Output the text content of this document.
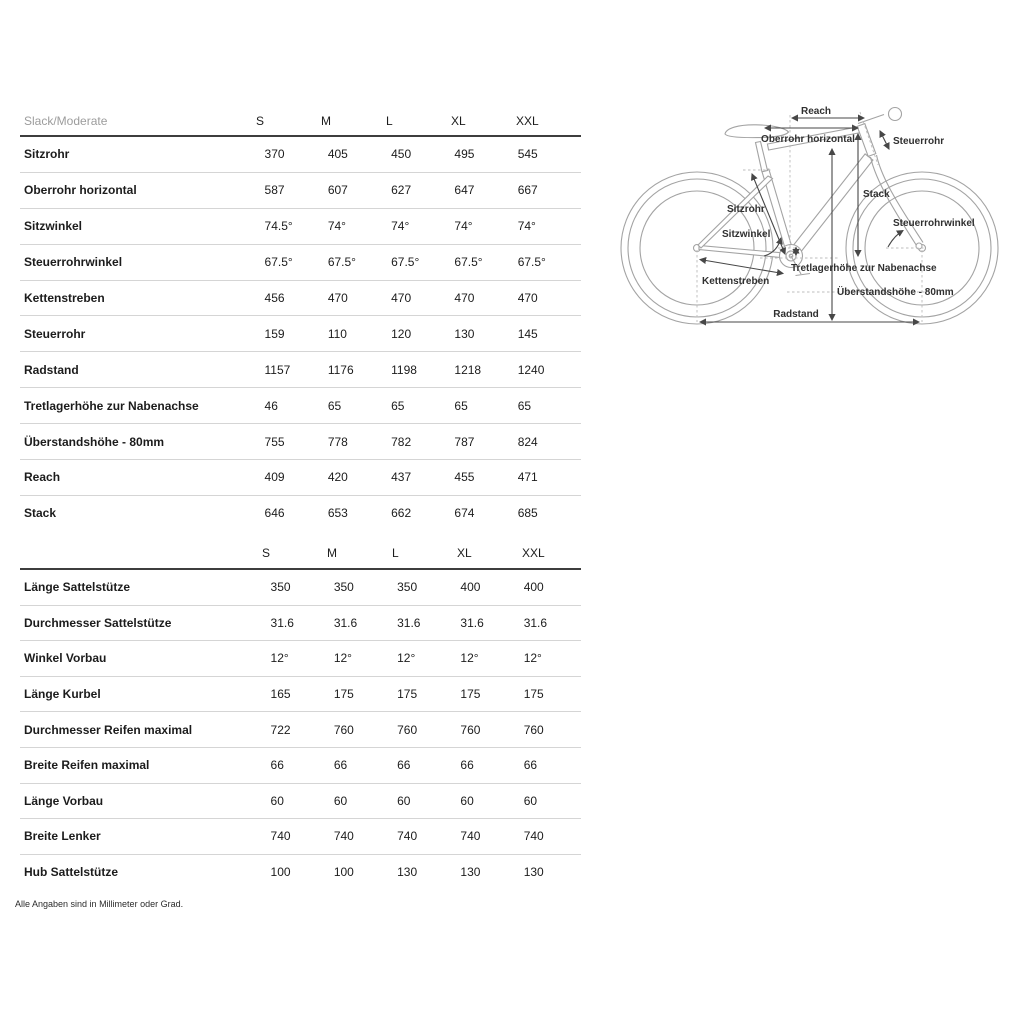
Slack/Moderate	S	M	L	XL	XXL
Sitzrohr	370	405	450	495	545
Oberrohr horizontal	587	607	627	647	667
Sitzwinkel	74.5°	74°	74°	74°	74°
Steuerrohrwinkel	67.5°	67.5°	67.5°	67.5°	67.5°
Kettenstreben	456	470	470	470	470
Steuerrohr	159	110	120	130	145
Radstand	1157	1176	1198	1218	1240
Tretlagerhöhe zur Nabenachse	46	65	65	65	65
Überstandshöhe - 80mm	755	778	782	787	824
Reach	409	420	437	455	471
Stack	646	653	662	674	685
S	M	L	XL	XXL
Länge Sattelstütze	350	350	350	400	400
Durchmesser Sattelstütze	31.6	31.6	31.6	31.6	31.6
Winkel Vorbau	12°	12°	12°	12°	12°
Länge Kurbel	165	175	175	175	175
Durchmesser Reifen maximal	722	760	760	760	760
Breite Reifen maximal	66	66	66	66	66
Länge Vorbau	60	60	60	60	60
Breite Lenker	740	740	740	740	740
Hub Sattelstütze	100	100	130	130	130
Alle Angaben sind in Millimeter oder Grad.
Reach
Oberrohr horizontal	Steuerrohr
Stack
Sitzrohr
Sitzwinkel
Steuerrohrwinkel
Tretlagerhöhe zur Nabenachse
Kettenstreben
Überstandshöhe - 80mm
Radstand
